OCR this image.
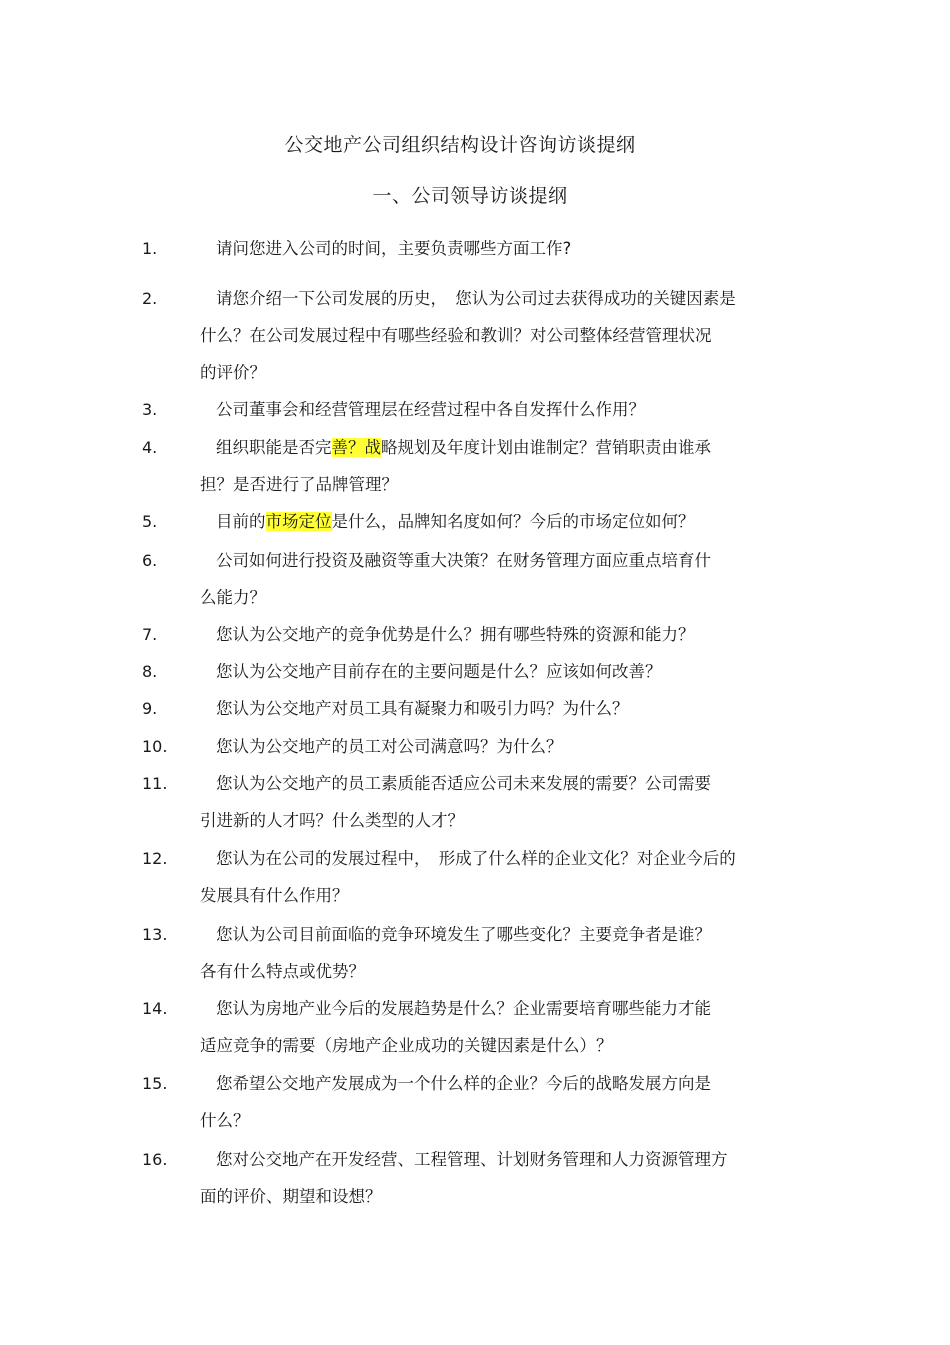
公交地产公司组织结构设计咨询访谈提纲
一、公司领导访谈提纲
1.	请问您进入公司的时间，主要负责哪些方面工作?
2.	请您介绍一下公司发展的历史，　您认为公司过去获得成功的关键因素是
什么？在公司发展过程中有哪些经验和教训？对公司整体经营管理状况
的评价？
3.	公司董事会和经营管理层在经营过程中各自发挥什么作用？
4.	组织职能是否完善？战略规划及年度计划由谁制定？营销职责由谁承
担？是否进行了品牌管理？
5.	目前的市场定位是什么，品牌知名度如何？今后的市场定位如何？
6.	公司如何进行投资及融资等重大决策？在财务管理方面应重点培育什
么能力？
7.	您认为公交地产的竞争优势是什么？拥有哪些特殊的资源和能力？
8.	您认为公交地产目前存在的主要问题是什么？应该如何改善？
9.	您认为公交地产对员工具有凝聚力和吸引力吗？为什么？
10.	您认为公交地产的员工对公司满意吗？为什么？
11.	您认为公交地产的员工素质能否适应公司未来发展的需要？公司需要
引进新的人才吗？什么类型的人才？
12.	您认为在公司的发展过程中，　形成了什么样的企业文化？对企业今后的
发展具有什么作用？
13.	您认为公司目前面临的竞争环境发生了哪些变化？主要竞争者是谁？
各有什么特点或优势？
14.	您认为房地产业今后的发展趋势是什么？企业需要培育哪些能力才能
适应竞争的需要（房地产企业成功的关键因素是什么）？
15.	您希望公交地产发展成为一个什么样的企业？今后的战略发展方向是
什么？
16.	您对公交地产在开发经营、工程管理、计划财务管理和人力资源管理方
面的评价、期望和设想？
